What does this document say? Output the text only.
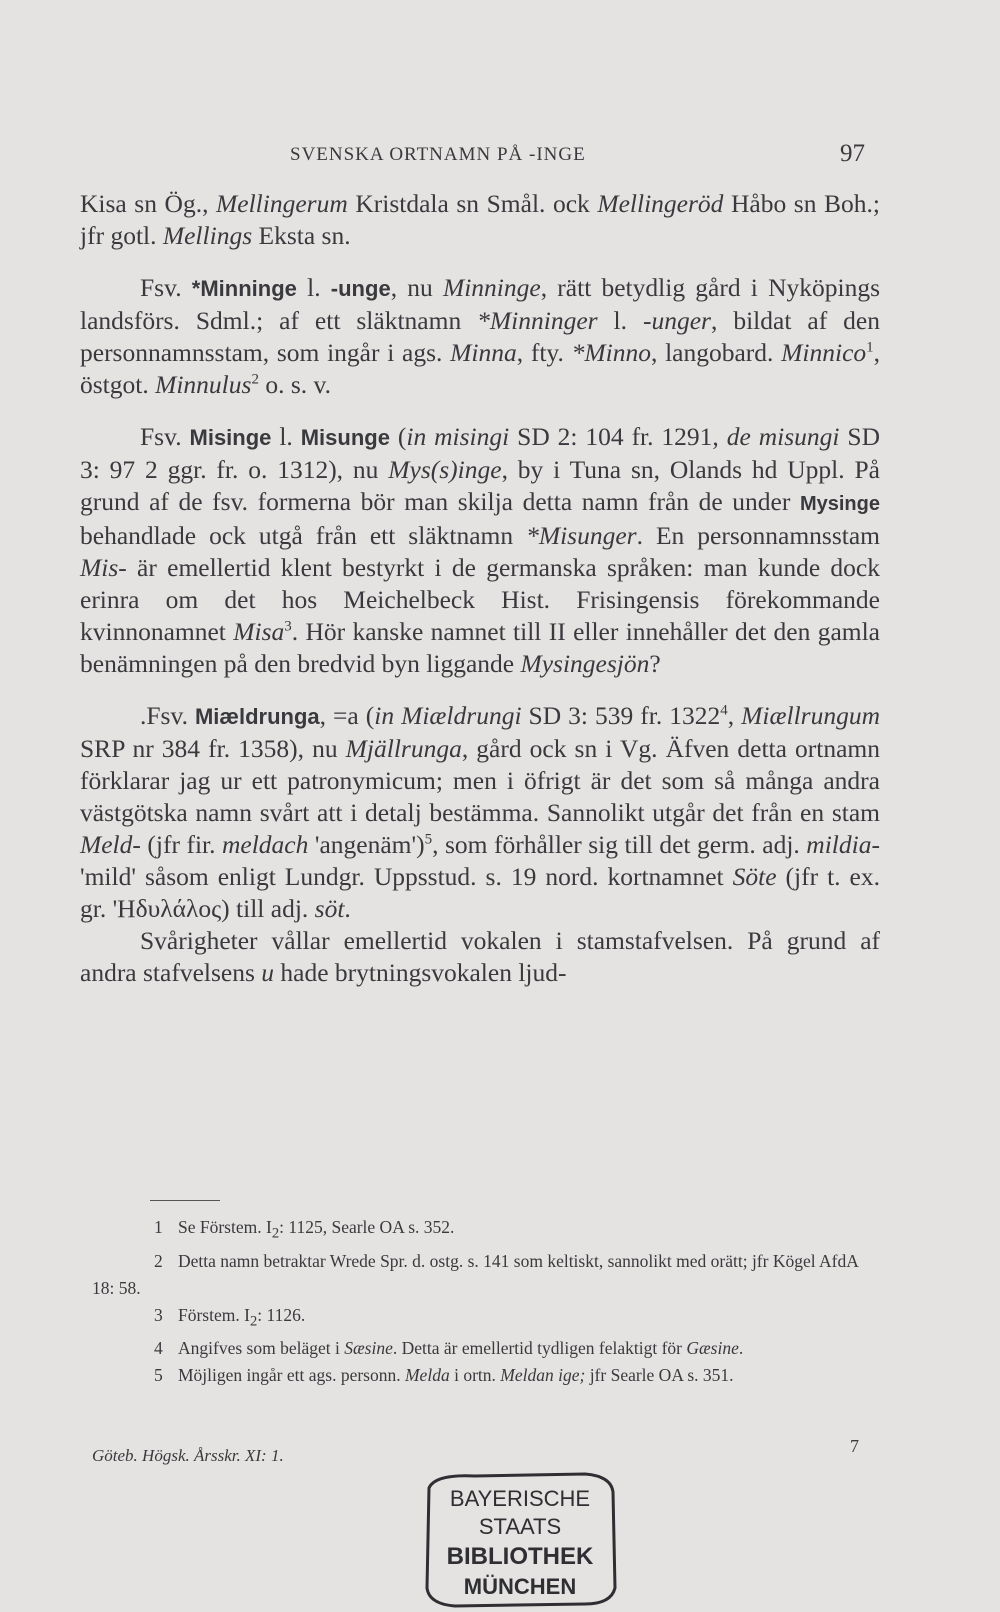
SVENSKA ORTNAMN PÅ -INGE	97

Kisa sn Ög., Mellingerum Kristdala sn Smål. ock Mellingeröd Håbo sn Boh.; jfr gotl. Mellings Eksta sn.

Fsv. *Minninge l. -unge, nu Minninge, rätt betydlig gård i Nyköpings landsförs. Sdml.; af ett släktnamn *Minninger l. -unger, bildat af den personnamnsstam, som ingår i ags. Minna, fty. *Minno, langobard. Minnico$^1$, östgot. Minnulus$^2$ o. s. v.

Fsv. Misinge l. Misunge (in misingi SD 2: 104 fr. 1291, de misungi SD 3: 97 2 ggr. fr. o. 1312), nu Mys(s)inge, by i Tuna sn, Olands hd Uppl. På grund af de fsv. formerna bör man skilja detta namn från de under Mysinge behandlade ock utgå från ett släktnamn *Misunger. En personnamnsstam Mis- är emellertid klent bestyrkt i de germanska språken: man kunde dock erinra om det hos Meichelbeck Hist. Frisingensis förekommande kvinnonamnet Misa$^3$. Hör kanske namnet till II eller innehåller det den gamla benämningen på den bredvid byn liggande Mysingesjön?

.Fsv. Miældrunga, =a (in Miældrungi SD 3: 539 fr. 1322$^4$, Miællrungum SRP nr 384 fr. 1358), nu Mjällrunga, gård ock sn i Vg. Äfven detta ortnamn förklarar jag ur ett patronymicum; men i öfrigt är det som så många andra västgötska namn svårt att i detalj bestämma. Sannolikt utgår det från en stam Meld- (jfr fir. meldach 'angenäm')$^5$, som förhåller sig till det germ. adj. mildia- 'mild' såsom enligt Lundgr. Uppsstud. s. 19 nord. kortnamnet Söte (jfr t. ex. gr. 'Ηδυλάλος) till adj. söt.

Svårigheter vållar emellertid vokalen i stamstafvelsen. På grund af andra stafvelsens u hade brytningsvokalen ljud-

1 Se Förstem. $I_2$: 1125, Searle OA s. 352.

2 Detta namn betraktar Wrede Spr. d. ostg. s. 141 som keltiskt, sannolikt med orätt; jfr Kögel AfdA 18: 58.

3 Förstem. $I_2$: 1126.

4 Angifves som beläget i Sæsine. Detta är emellertid tydligen felaktigt för Gæsine.

5 Möjligen ingår ett ags. personn. Melda i ortn. Meldan ige; jfr Searle OA s. 351.

Göteb. Högsk. Årsskr. XI: 1.	7
BAYERISCHE
STAATS
BIBLIOTHEK
MÜNCHEN
